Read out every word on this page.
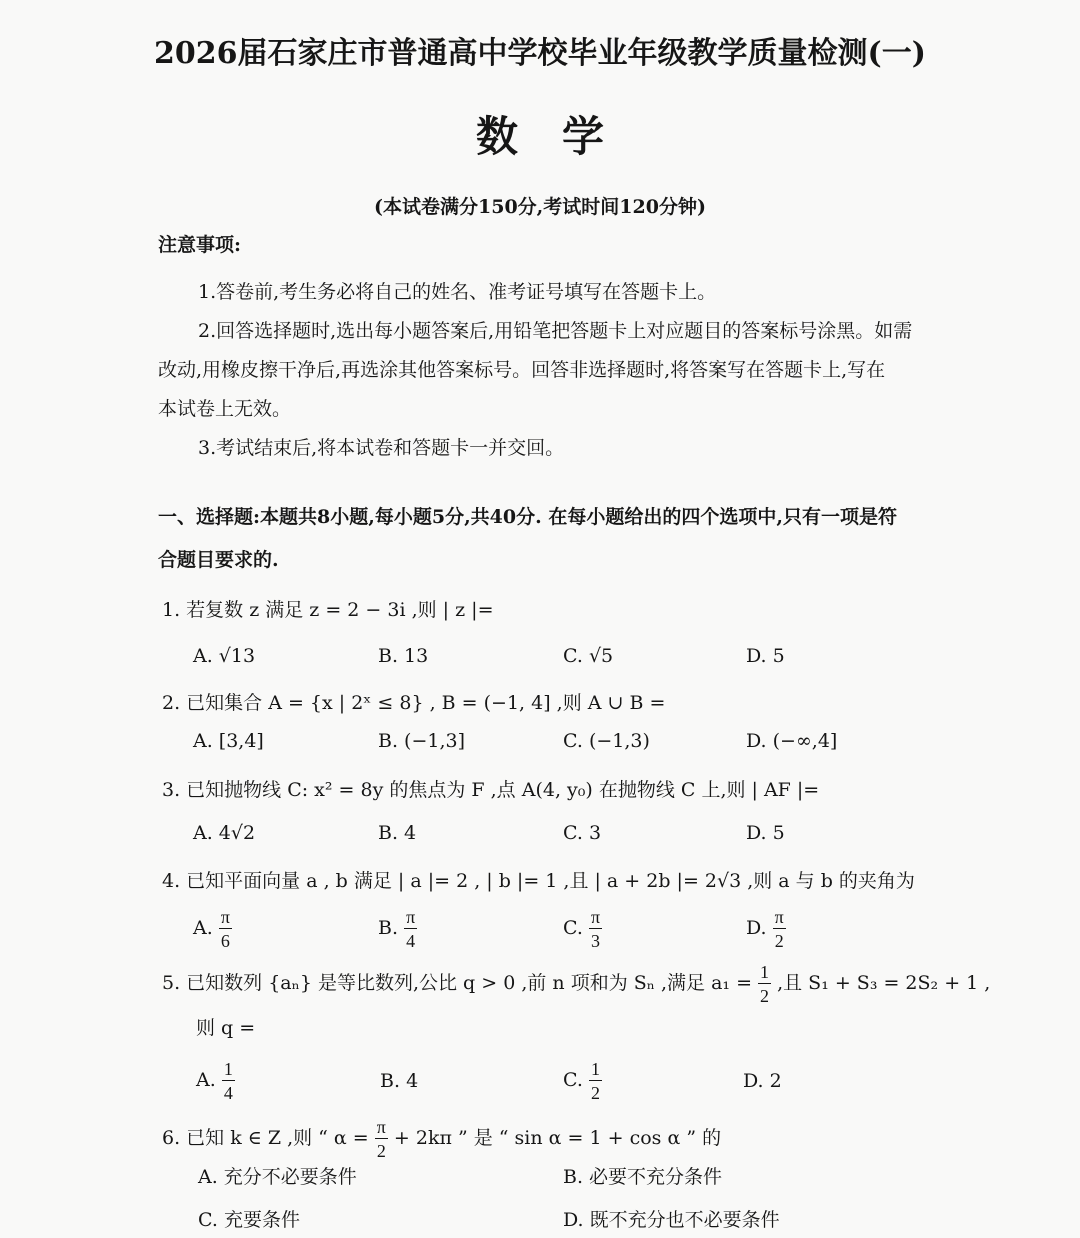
2026届石家庄市普通高中学校毕业年级教学质量检测(一)
数学
(本试卷满分150分,考试时间120分钟)
注意事项:
1.答卷前,考生务必将自己的姓名、准考证号填写在答题卡上。
2.回答选择题时,选出每小题答案后,用铅笔把答题卡上对应题目的答案标号涂黑。如需
改动,用橡皮擦干净后,再选涂其他答案标号。回答非选择题时,将答案写在答题卡上,写在
本试卷上无效。
3.考试结束后,将本试卷和答题卡一并交回。
一、选择题:本题共8小题,每小题5分,共40分. 在每小题给出的四个选项中,只有一项是符
合题目要求的.
1. 若复数 z 满足 z = 2 − 3i ,则 | z |=
A. √13	B. 13	C. √5	D. 5
2. 已知集合 A = {x | 2ˣ ≤ 8} , B = (−1, 4] ,则 A ∪ B =
A. [3,4]	B. (−1,3]	C. (−1,3)	D. (−∞,4]
3. 已知抛物线 C: x² = 8y 的焦点为 F ,点 A(4, y₀) 在抛物线 C 上,则 | AF |=
A. 4√2	B. 4	C. 3	D. 5
4. 已知平面向量 a , b 满足 | a |= 2 , | b |= 1 ,且 | a + 2b |= 2√3 ,则 a 与 b 的夹角为
A. $\frac{\pi}{6}$	B. $\frac{\pi}{4}$	C. $\frac{\pi}{3}$	D. $\frac{\pi}{2}$
5. 已知数列 {aₙ} 是等比数列,公比 q > 0 ,前 n 项和为 Sₙ ,满足 $a_1 = \frac{1}{2}$ ,且 S₁ + S₃ = 2S₂ + 1 ,
则 q =
A. $\frac{1}{4}$	B. 4	C. $\frac{1}{2}$	D. 2
6. 已知 k ∈ Z ,则 “ $\alpha = \frac{\pi}{2} + 2k\pi$ ” 是 “ sin α = 1 + cos α ” 的
A. 充分不必要条件	B. 必要不充分条件
C. 充要条件	D. 既不充分也不必要条件
